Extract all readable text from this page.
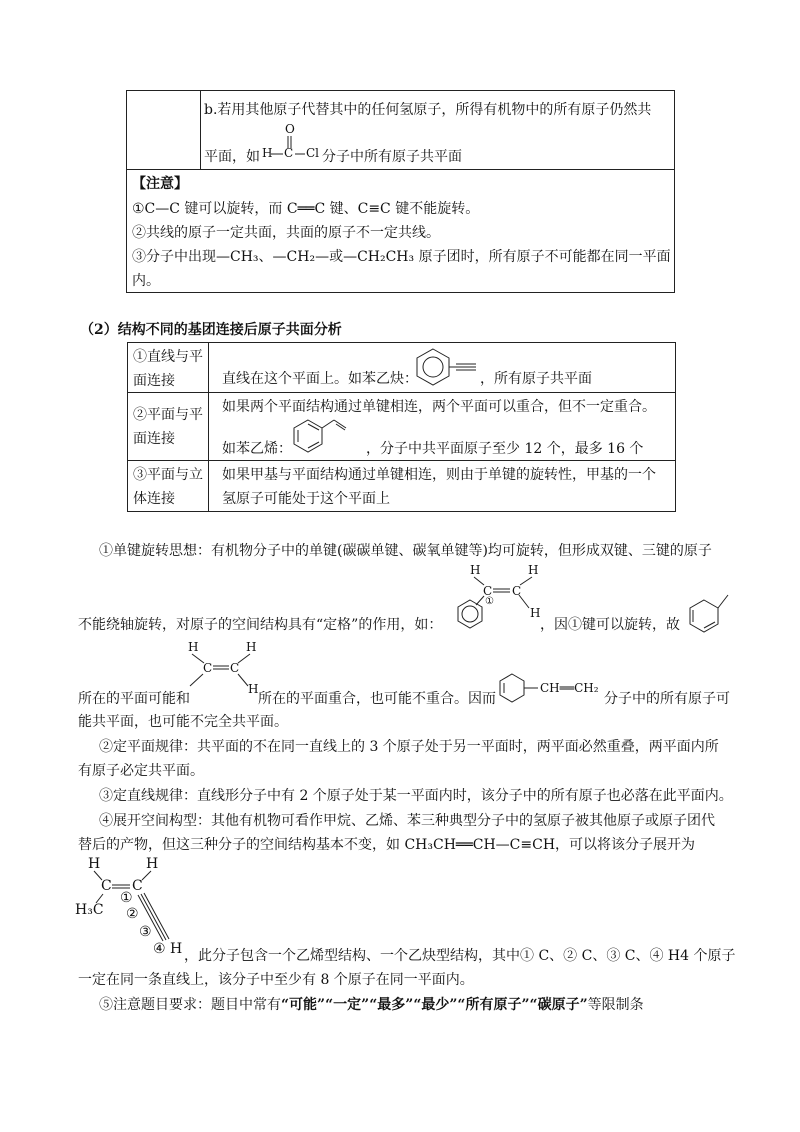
b.若用其他原子代替其中的任何氢原子，所得有机物中的所有原子仍然共
平面，如
O
H C Cl 分子中所有原子共平面
【注意】
①C—C 键可以旋转，而 C══C 键、C≡C 键不能旋转。
②共线的原子一定共面，共面的原子不一定共线。
③分子中出现—CH₃、—CH₂—或—CH₂CH₃ 原子团时，所有原子不可能都在同一平面
内。
（2）结构不同的基团连接后原子共面分析
①直线与平
面连接	直线在这个平面上。如苯乙炔：	，所有原子共平面
②平面与平
面连接
如果两个平面结构通过单键相连，两个平面可以重合，但不一定重合。
如苯乙烯：	，分子中共平面原子至少 12 个，最多 16 个
③平面与立
体连接
如果甲基与平面结构通过单键相连，则由于单键的旋转性，甲基的一个
氢原子可能处于这个平面上
①单键旋转思想：有机物分子中的单键(碳碳单键、碳氧单键等)均可旋转，但形成双键、三键的原子
H	H
C C
①
H
不能绕轴旋转，对原子的空间结构具有“定格”的作用，如：	，因①键可以旋转，故
H	H
C C
H
所在的平面可能和	所在的平面重合，也可能不重合。因而
CH══CH₂
分子中的所有原子可
能共平面，也可能不完全共平面。
②定平面规律：共平面的不在同一直线上的 3 个原子处于另一平面时，两平面必然重叠，两平面内所
有原子必定共平面。
③定直线规律：直线形分子中有 2 个原子处于某一平面内时，该分子中的所有原子也必落在此平面内。
④展开空间构型：其他有机物可看作甲烷、乙烯、苯三种典型分子中的氢原子被其他原子或原子团代
替后的产物，但这三种分子的空间结构基本不变，如 CH₃CH══CH—C≡CH，可以将该分子展开为
H	H
C C
H₃C
①
②
③
④ H ，此分子包含一个乙烯型结构、一个乙炔型结构，其中① C、② C、③ C、④ H4 个原子
一定在同一条直线上，该分子中至少有 8 个原子在同一平面内。
⑤注意题目要求：题目中常有“可能”“一定”“最多”“最少”“所有原子”“碳原子”等限制条
